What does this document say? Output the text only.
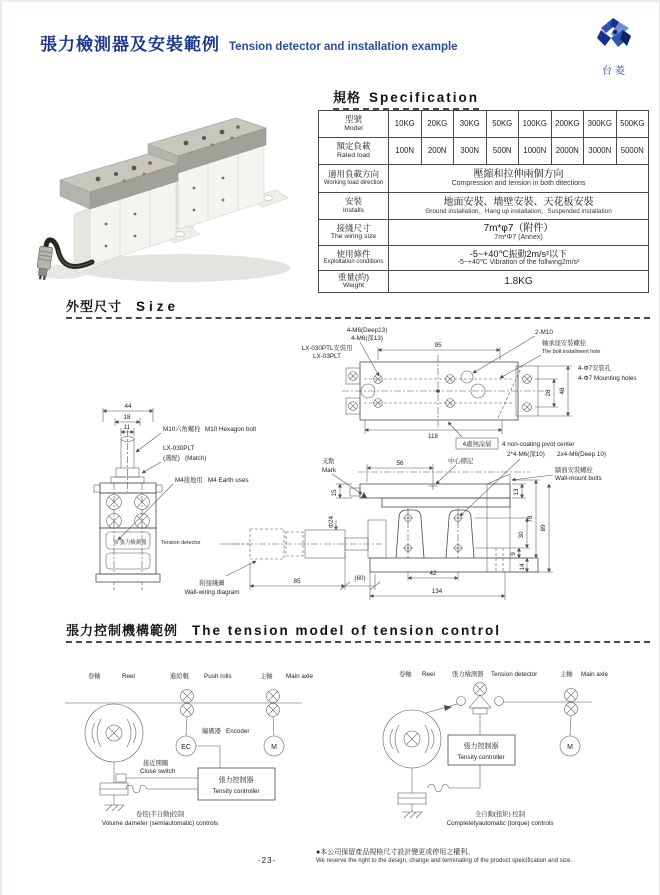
張力檢測器及安裝範例 Tension detector and installation example
台菱
規格 Specification
型號
Model	10KG	20KG	30KG	50KG	100KG	200KG	300KG	500KG

額定負載
Rated load	100N	200N	300N	500N	1000N	2000N	3000N	5000N

適用負載方向
Working load direction

壓縮和拉伸兩個方向
Compression and tension in both ditections

安裝
Installs

地面安裝、墻壁安裝、天花板安裝
Ground installation、Hang up installation、Suspended installation

接綫尺寸
The wiring size

7m*φ7（附件）
7m*Φ7 (Annex)

使用條件
Exploitation conditions

-5~+40℃振動2m/s²以下
-5~+40℃ Vibration of the follwing2m/s²

重量(約)
Weight	1.8KG							
外型尺寸 Size
95
118
28 48
4-M6(Deep13)
4-M6(深13)
LX-030PTL安裝用
LX-03PLT
2-M10
軸承座安裝螺栓
The bolt installment hole
4-Φ7安裝孔
4-Φ7 Mounting holes
4處無涂層 4 non-coating pivot center
44
18
11	M10六角螺栓 M10 Hexagon bolt
LX-030PLT
(選配) (Match)
M4接地用 M4 Earth uses
張力檢測器	Tension detector
Φ24
支點
Mark
56	中心標記
2*4-M6(深10) 2x4-M6(Deep 10)
牆面安裝螺栓
Wall-mount bolts
15	13
78
89
30
9
14
42
85	(60)
134
附接綫圖
Wall-wiring diagram
張力控制機構範例 The tension model of tension control
卷軸	Reel	進給輥 Push rolls	主軸 Main axle
EC
編碼器 Encoder
M
張力控制器
Tensity controller
接近開關
Close switch
卷徑(半自動)控制
Volume dameter (semiautomatic) controls
卷軸 Reel	張力檢測器 Tension detector	主軸 Main axle
M
張力控制器
Tensity controller
全自動(扭矩) 控制
Completetyautomatic (torque) controls
-23-
●本公司保留產品規格尺寸設計變更或停用之權利。
We reserve the right to the design, change and terminating of the product speicification and size.
